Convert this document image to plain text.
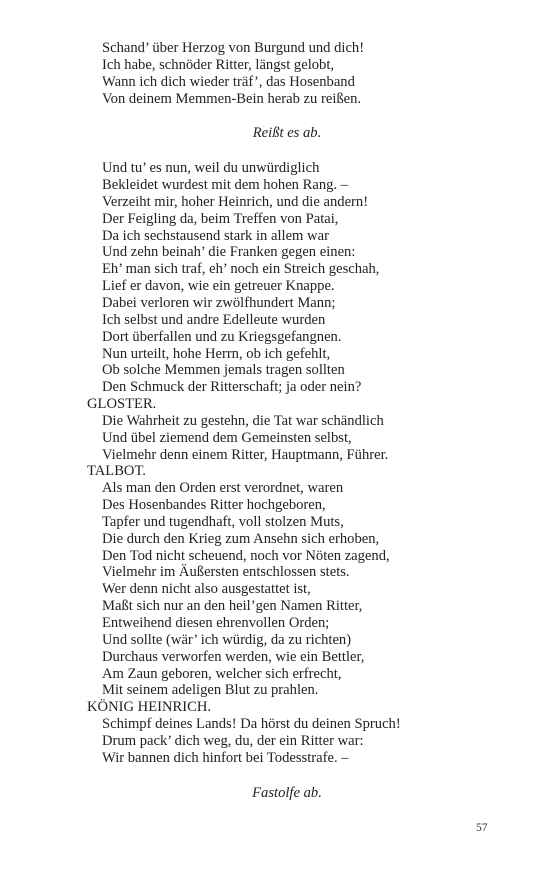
Schand’ über Herzog von Burgund und dich!
Ich habe, schnöder Ritter, längst gelobt,
Wann ich dich wieder träf’, das Hosenband
Von deinem Memmen-Bein herab zu reißen.
Reißt es ab.
Und tu’ es nun, weil du unwürdiglich
Bekleidet wurdest mit dem hohen Rang. –
Verzeiht mir, hoher Heinrich, und die andern!
Der Feigling da, beim Treffen von Patai,
Da ich sechstausend stark in allem war
Und zehn beinah’ die Franken gegen einen:
Eh’ man sich traf, eh’ noch ein Streich geschah,
Lief er davon, wie ein getreuer Knappe.
Dabei verloren wir zwölfhundert Mann;
Ich selbst und andre Edelleute wurden
Dort überfallen und zu Kriegsgefangnen.
Nun urteilt, hohe Herrn, ob ich gefehlt,
Ob solche Memmen jemals tragen sollten
Den Schmuck der Ritterschaft; ja oder nein?
GLOSTER.
Die Wahrheit zu gestehn, die Tat war schändlich
Und übel ziemend dem Gemeinsten selbst,
Vielmehr denn einem Ritter, Hauptmann, Führer.
TALBOT.
Als man den Orden erst verordnet, waren
Des Hosenbandes Ritter hochgeboren,
Tapfer und tugendhaft, voll stolzen Muts,
Die durch den Krieg zum Ansehn sich erhoben,
Den Tod nicht scheuend, noch vor Nöten zagend,
Vielmehr im Äußersten entschlossen stets.
Wer denn nicht also ausgestattet ist,
Maßt sich nur an den heil’gen Namen Ritter,
Entweihend diesen ehrenvollen Orden;
Und sollte (wär’ ich würdig, da zu richten)
Durchaus verworfen werden, wie ein Bettler,
Am Zaun geboren, welcher sich erfrecht,
Mit seinem adeligen Blut zu prahlen.
KÖNIG HEINRICH.
Schimpf deines Lands! Da hörst du deinen Spruch!
Drum pack’ dich weg, du, der ein Ritter war:
Wir bannen dich hinfort bei Todesstrafe. –
Fastolfe ab.
57
